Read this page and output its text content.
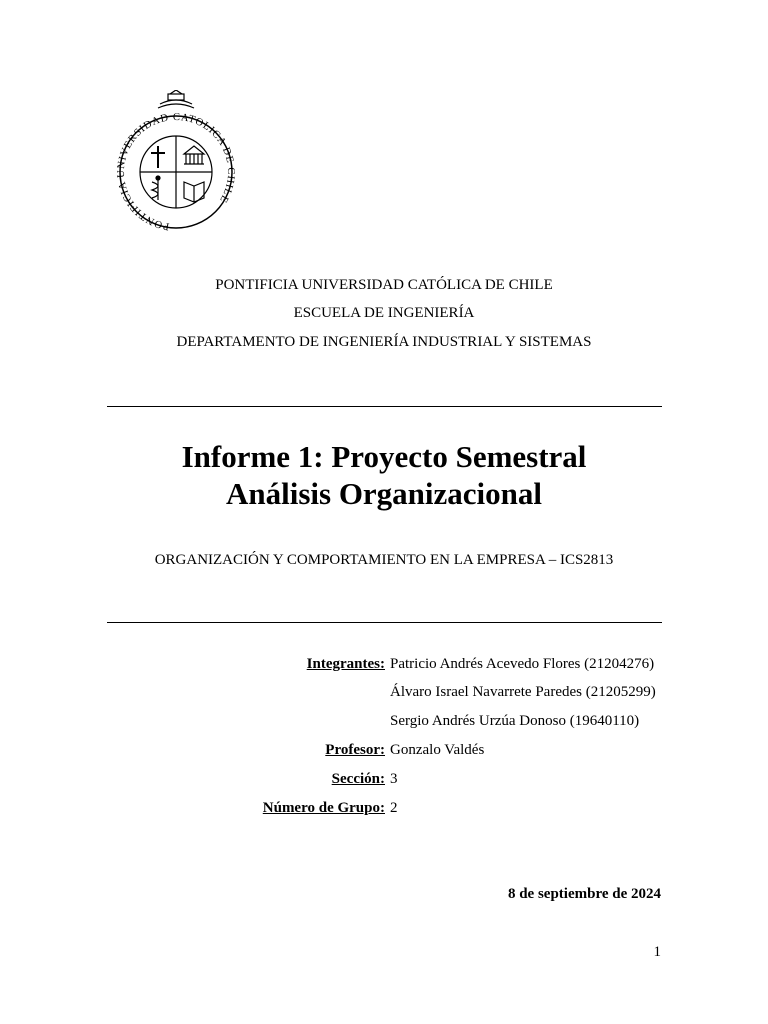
PONTIFICIA UNIVERSIDAD CATOLICA DE CHILE
PONTIFICIA UNIVERSIDAD CATÓLICA DE CHILE
ESCUELA DE INGENIERÍA
DEPARTAMENTO DE INGENIERÍA INDUSTRIAL Y SISTEMAS
Informe 1: Proyecto Semestral
Análisis Organizacional
ORGANIZACIÓN Y COMPORTAMIENTO EN LA EMPRESA – ICS2813
Integrantes: Patricio Andrés Acevedo Flores (21204276)
Álvaro Israel Navarrete Paredes (21205299)
Sergio Andrés Urzúa Donoso (19640110)
Profesor: Gonzalo Valdés
Sección: 3
Número de Grupo: 2
8 de septiembre de 2024
1
